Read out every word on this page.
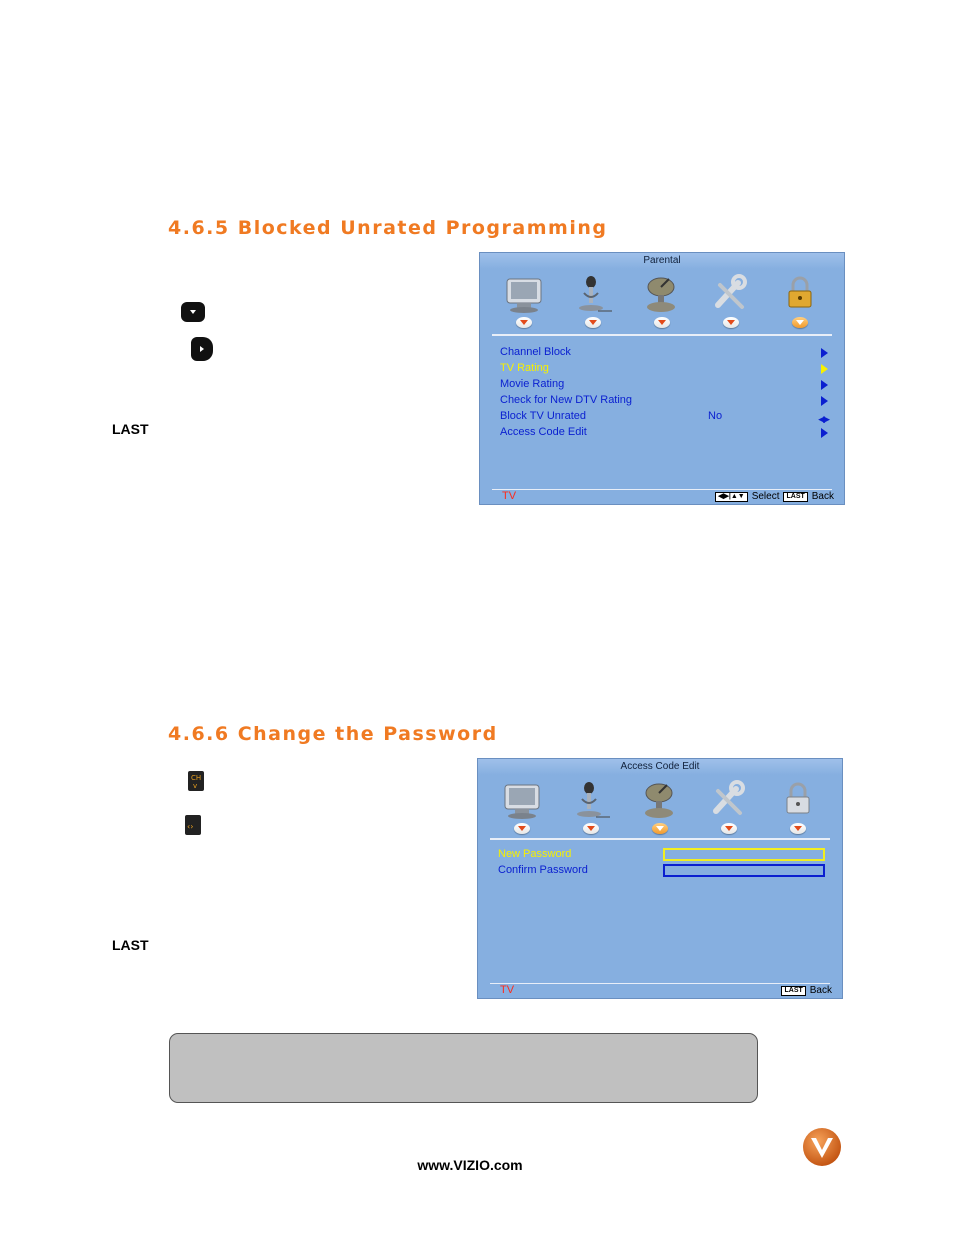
4.6.5 Blocked Unrated Programming
LAST
Parental
Channel Block
TV Rating
Movie Rating
Check for New DTV Rating
Block TV Unrated	No	◀▶
Access Code Edit
TV	◀▶|▲▼ Select	LAST Back
4.6.6 Change the Password
CH
v
‹›
LAST
Access Code Edit
New Password
Confirm Password
TV	LAST Back
www.VIZIO.com
